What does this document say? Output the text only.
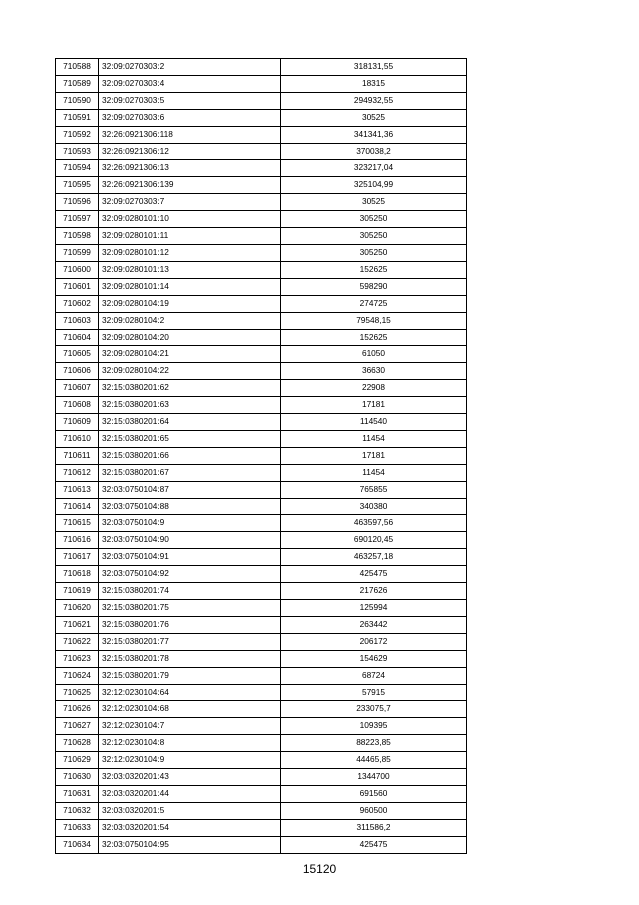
710588	32:09:0270303:2	318131,55
710589	32:09:0270303:4	18315
710590	32:09:0270303:5	294932,55
710591	32:09:0270303:6	30525
710592	32:26:0921306:118	341341,36
710593	32:26:0921306:12	370038,2
710594	32:26:0921306:13	323217,04
710595	32:26:0921306:139	325104,99
710596	32:09:0270303:7	30525
710597	32:09:0280101:10	305250
710598	32:09:0280101:11	305250
710599	32:09:0280101:12	305250
710600	32:09:0280101:13	152625
710601	32:09:0280101:14	598290
710602	32:09:0280104:19	274725
710603	32:09:0280104:2	79548,15
710604	32:09:0280104:20	152625
710605	32:09:0280104:21	61050
710606	32:09:0280104:22	36630
710607	32:15:0380201:62	22908
710608	32:15:0380201:63	17181
710609	32:15:0380201:64	114540
710610	32:15:0380201:65	11454
710611	32:15:0380201:66	17181
710612	32:15:0380201:67	11454
710613	32:03:0750104:87	765855
710614	32:03:0750104:88	340380
710615	32:03:0750104:9	463597,56
710616	32:03:0750104:90	690120,45
710617	32:03:0750104:91	463257,18
710618	32:03:0750104:92	425475
710619	32:15:0380201:74	217626
710620	32:15:0380201:75	125994
710621	32:15:0380201:76	263442
710622	32:15:0380201:77	206172
710623	32:15:0380201:78	154629
710624	32:15:0380201:79	68724
710625	32:12:0230104:64	57915
710626	32:12:0230104:68	233075,7
710627	32:12:0230104:7	109395
710628	32:12:0230104:8	88223,85
710629	32:12:0230104:9	44465,85
710630	32:03:0320201:43	1344700
710631	32:03:0320201:44	691560
710632	32:03:0320201:5	960500
710633	32:03:0320201:54	311586,2
710634	32:03:0750104:95	425475
15120
